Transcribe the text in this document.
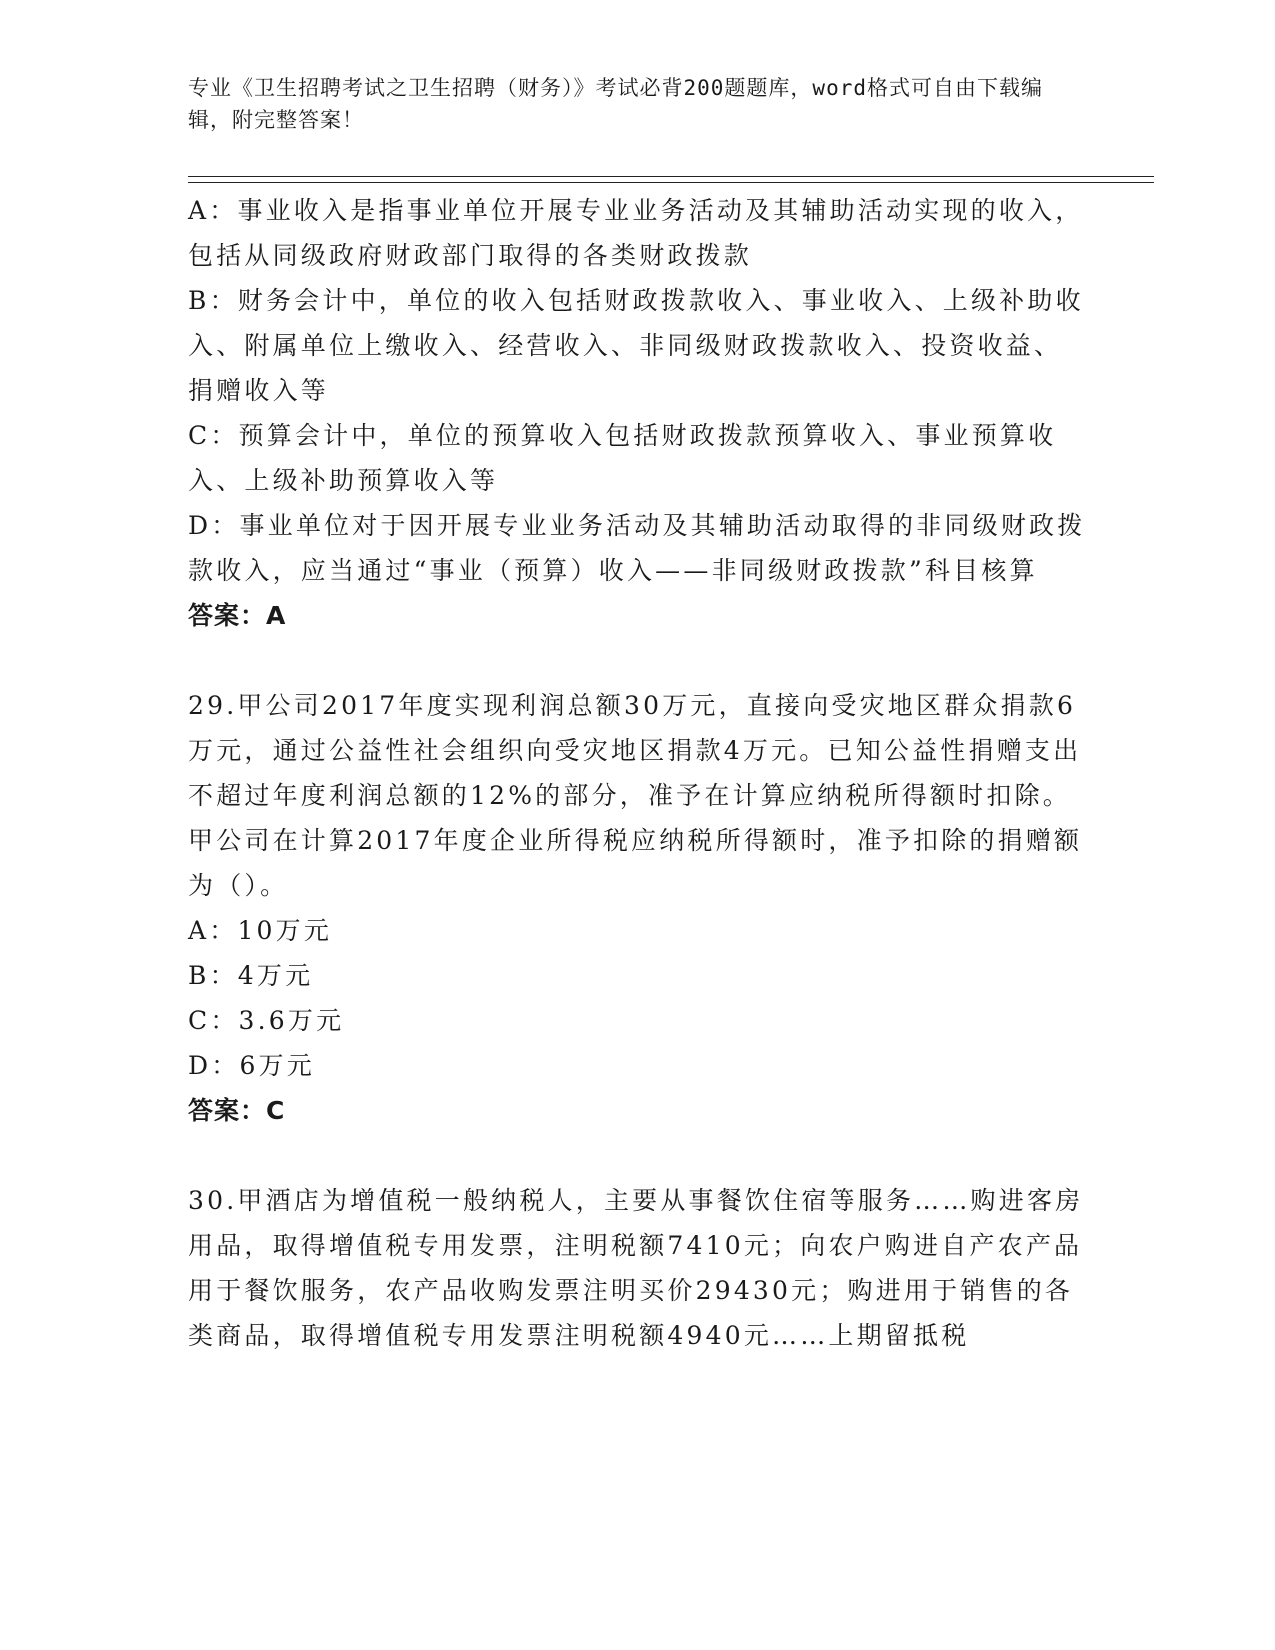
专业《卫生招聘考试之卫生招聘（财务）》考试必背200题题库，word格式可自由下载编辑，附完整答案！

A：事业收入是指事业单位开展专业业务活动及其辅助活动实现的收入，包括从同级政府财政部门取得的各类财政拨款

B：财务会计中，单位的收入包括财政拨款收入、事业收入、上级补助收入、附属单位上缴收入、经营收入、非同级财政拨款收入、投资收益、捐赠收入等

C：预算会计中，单位的预算收入包括财政拨款预算收入、事业预算收入、上级补助预算收入等

D：事业单位对于因开展专业业务活动及其辅助活动取得的非同级财政拨款收入，应当通过“事业（预算）收入——非同级财政拨款”科目核算

答案：A

29.甲公司2017年度实现利润总额30万元，直接向受灾地区群众捐款6万元，通过公益性社会组织向受灾地区捐款4万元。已知公益性捐赠支出不超过年度利润总额的12%的部分，准予在计算应纳税所得额时扣除。甲公司在计算2017年度企业所得税应纳税所得额时，准予扣除的捐赠额为（）。

A：10万元

B：4万元

C：3.6万元

D：6万元

答案：C

30.甲酒店为增值税一般纳税人，主要从事餐饮住宿等服务……购进客房用品，取得增值税专用发票，注明税额7410元；向农户购进自产农产品用于餐饮服务，农产品收购发票注明买价29430元；购进用于销售的各类商品，取得增值税专用发票注明税额4940元……上期留抵税
